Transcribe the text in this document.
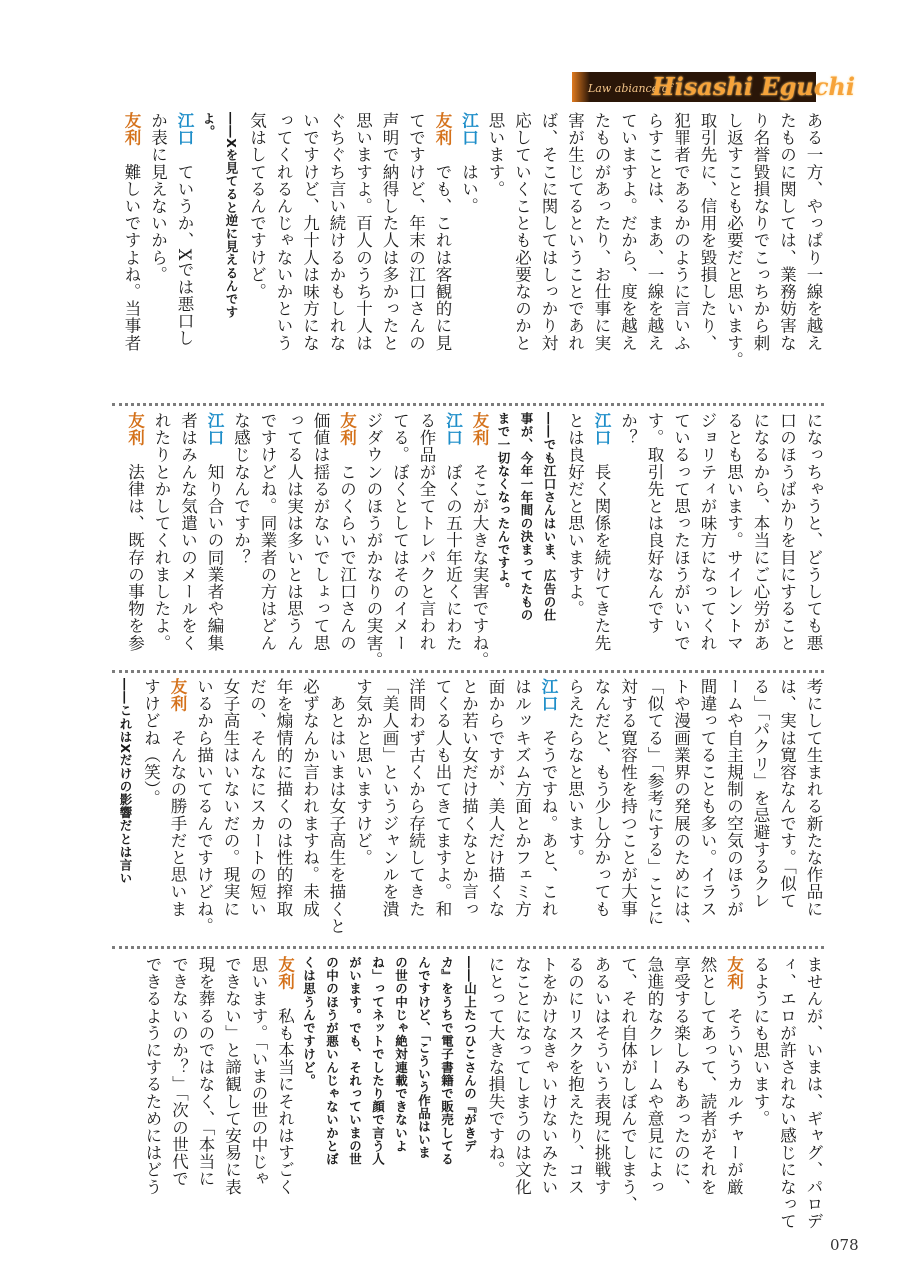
Law abiance of
Hisashi Eguchi
ある一方、やっぱり一線を越え
たものに関しては、業務妨害な
り名誉毀損なりでこっちから刺
し返すことも必要だと思います。
取引先に、信用を毀損したり、
犯罪者であるかのように言いふ
らすことは、まあ、一線を越え
ていますよ。だから、度を越え
たものがあったり、お仕事に実
害が生じてるということであれ
ば、そこに関してはしっかり対
応していくことも必要なのかと
思います。
江口　はい。
友利　でも、これは客観的に見
てですけど、年末の江口さんの
声明で納得した人は多かったと
思いますよ。百人のうち十人は
ぐちぐち言い続けるかもしれな
いですけど、九十人は味方にな
ってくれるんじゃないかという
気はしてるんですけど。
――Xを見てると逆に見えるんです
よ。
江口　ていうか、Xでは悪口し
か表に見えないから。
友利　難しいですよね。当事者
になっちゃうと、どうしても悪
口のほうばかりを目にすること
になるから、本当にご心労があ
るとも思います。サイレントマ
ジョリティが味方になってくれ
ているって思ったほうがいいで
す。取引先とは良好なんです
か？
江口　長く関係を続けてきた先
とは良好だと思いますよ。
――でも江口さんはいま、広告の仕
事が、今年一年間の決まってたもの
まで一切なくなったんですよ。
友利　そこが大きな実害ですね。
江口　ぼくの五十年近くにわた
る作品が全てトレパクと言われ
てる。ぼくとしてはそのイメー
ジダウンのほうがかなりの実害。
友利　このくらいで江口さんの
価値は揺るがないでしょって思
ってる人は実は多いとは思うん
ですけどね。同業者の方はどん
な感じなんですか？
江口　知り合いの同業者や編集
者はみんな気遣いのメールをく
れたりとかしてくれましたよ。
友利　法律は、既存の事物を参
考にして生まれる新たな作品に
は、実は寛容なんです。「似て
る」「パクリ」を忌避するクレ
ームや自主規制の空気のほうが
間違ってることも多い。イラス
トや漫画業界の発展のためには、
「似てる」「参考にする」ことに
対する寛容性を持つことが大事
なんだと、もう少し分かっても
らえたらなと思います。
江口　そうですね。あと、これ
はルッキズム方面とかフェミ方
面からですが、美人だけ描くな
とか若い女だけ描くなとか言っ
てくる人も出てきてますよ。和
洋問わず古くから存続してきた
「美人画」というジャンルを潰
す気かと思いますけど。
　あとはいまは女子高生を描くと
必ずなんか言われますね。未成
年を煽情的に描くのは性的搾取
だの、そんなにスカートの短い
女子高生はいないだの。現実に
いるから描いてるんですけどね。
友利　そんなの勝手だと思いま
すけどね（笑）。
――これはXだけの影響だとは言い
ませんが、いまは、ギャグ、パロデ
ィ、エロが許されない感じになって
るようにも思います。
友利　そういうカルチャーが厳
然としてあって、読者がそれを
享受する楽しみもあったのに、
急進的なクレームや意見によっ
て、それ自体がしぼんでしまう、
あるいはそういう表現に挑戦す
るのにリスクを抱えたり、コス
トをかけなきゃいけないみたい
なことになってしまうのは文化
にとって大きな損失ですね。
――山上たつひこさんの『がきデ
カ』をうちで電子書籍で販売してる
んですけど、「こういう作品はいま
の世の中じゃ絶対連載できないよ
ね」ってネットでしたり顔で言う人
がいます。でも、それっていまの世
の中のほうが悪いんじゃないかとぼ
くは思うんですけど。
友利　私も本当にそれはすごく
思います。「いまの世の中じゃ
できない」と諦観して安易に表
現を葬るのではなく、「本当に
できないのか？」「次の世代で
できるようにするためにはどう
078
